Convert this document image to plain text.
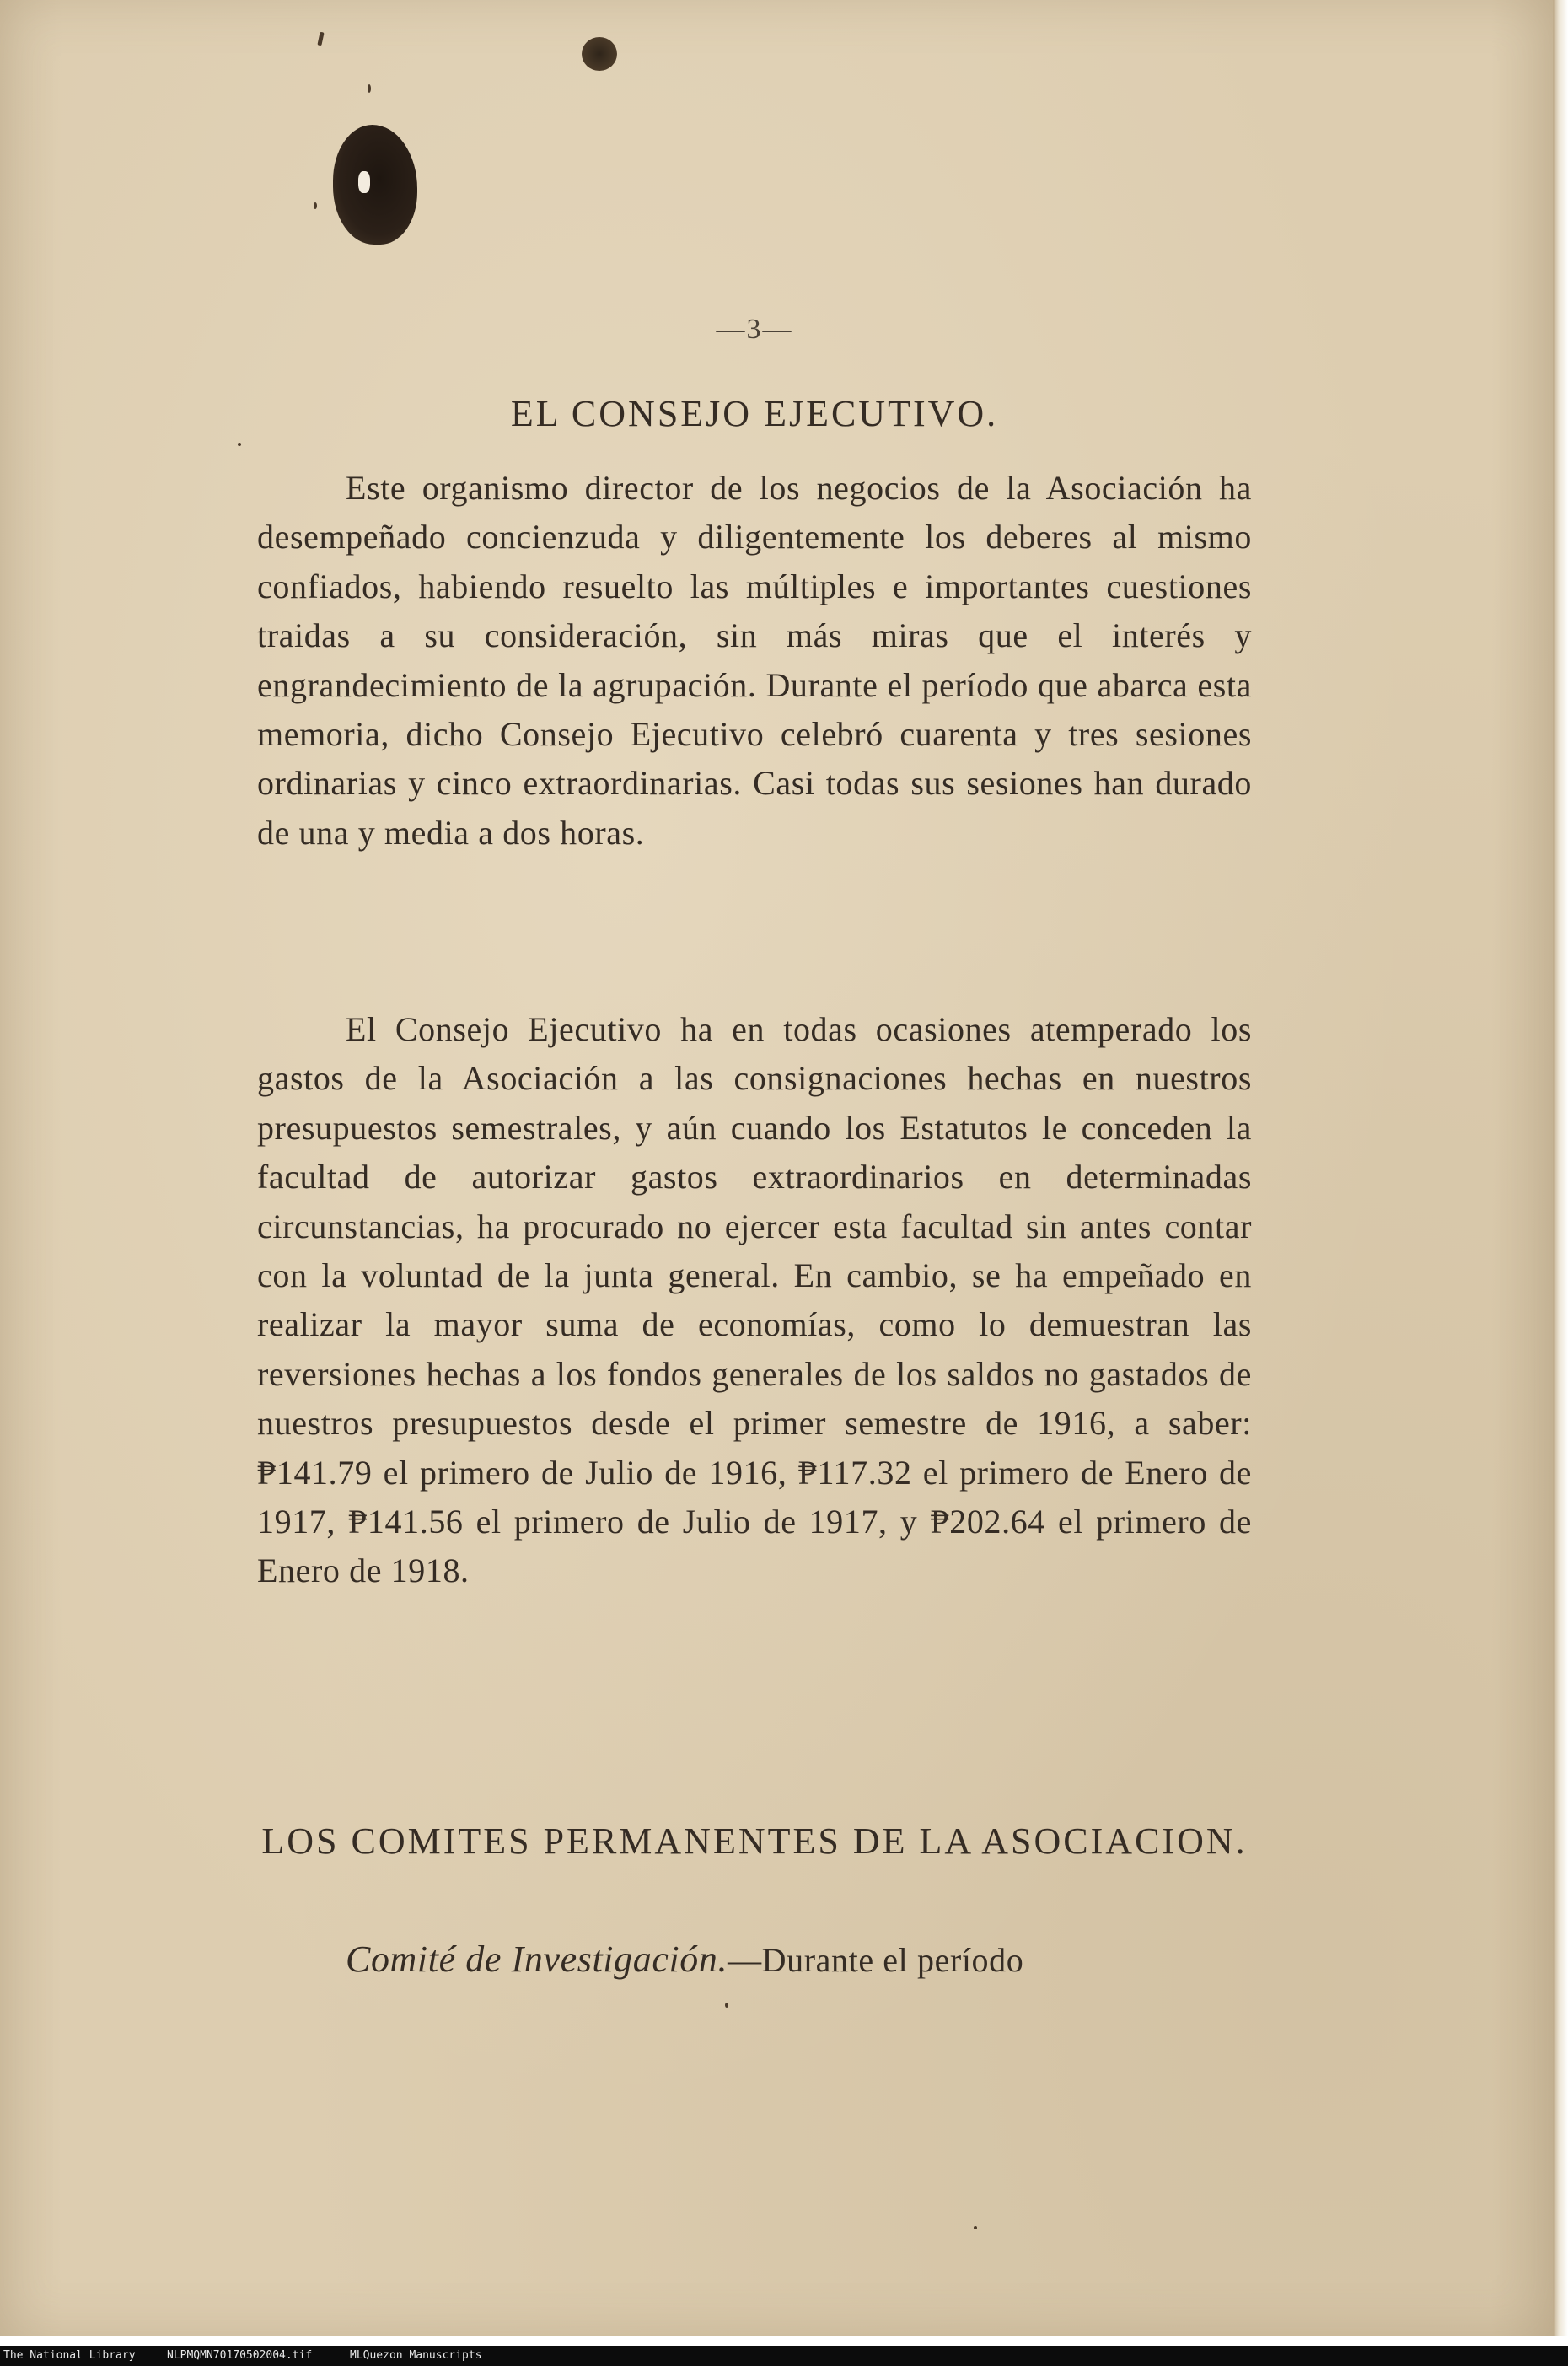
—3—
EL CONSEJO EJECUTIVO.
Este organismo director de los negocios de la Asociación ha desempeñado concienzuda y diligentemente los deberes al mismo confiados, habiendo resuelto las múltiples e importantes cuestiones traidas a su consideración, sin más miras que el interés y engrandecimiento de la agrupación. Durante el período que abarca esta memoria, dicho Consejo Ejecutivo celebró cuarenta y tres sesiones ordinarias y cinco extraordinarias. Casi todas sus sesiones han durado de una y media a dos horas.
El Consejo Ejecutivo ha en todas ocasiones atemperado los gastos de la Asociación a las consignaciones hechas en nuestros presupuestos semestrales, y aún cuando los Estatutos le conceden la facultad de autorizar gastos extraordinarios en determinadas circunstancias, ha procurado no ejercer esta facultad sin antes contar con la voluntad de la junta general. En cambio, se ha empeñado en realizar la mayor suma de economías, como lo demuestran las reversiones hechas a los fondos generales de los saldos no gastados de nuestros presupuestos desde el primer semestre de 1916, a saber: ₱141.79 el primero de Julio de 1916, ₱117.32 el primero de Enero de 1917, ₱141.56 el primero de Julio de 1917, y ₱202.64 el primero de Enero de 1918.
LOS COMITES PERMANENTES DE LA ASOCIACION.
Comité de Investigación.—Durante el período
The National Library	NLPMQMN70170502004.tif	MLQuezon Manuscripts
